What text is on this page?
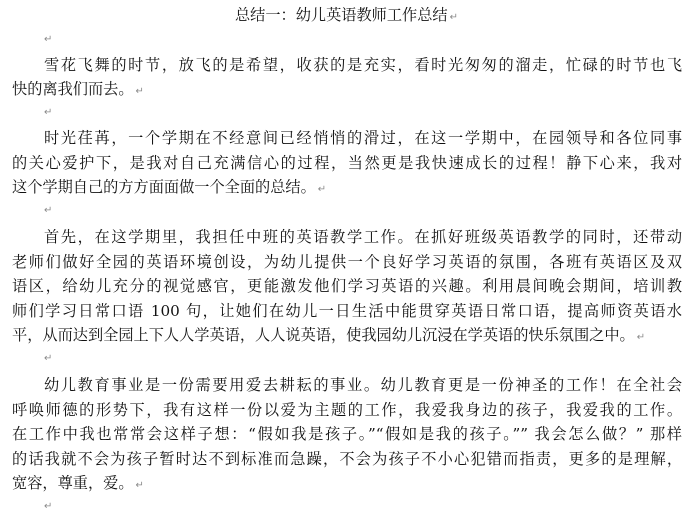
总结一：幼儿英语教师工作总结 ↵
↵
雪花飞舞的时节，放飞的是希望，收获的是充实，看时光匆匆的溜走，忙碌的时节也飞
快的离我们而去。 ↵
↵
时光荏苒，一个学期在不经意间已经悄悄的滑过，在这一学期中，在园领导和各位同事
的关心爱护下，是我对自己充满信心的过程，当然更是我快速成长的过程！静下心来，我对
这个学期自己的方方面面做一个全面的总结。 ↵
↵
首先，在这学期里，我担任中班的英语教学工作。在抓好班级英语教学的同时，还带动
老师们做好全园的英语环境创设，为幼儿提供一个良好学习英语的氛围，各班有英语区及双
语区，给幼儿充分的视觉感官，更能激发他们学习英语的兴趣。利用晨间晚会期间，培训教
师们学习日常口语 100 句，让她们在幼儿一日生活中能贯穿英语日常口语，提高师资英语水
平，从而达到全园上下人人学英语，人人说英语，使我园幼儿沉浸在学英语的快乐氛围之中。 ↵
↵
幼儿教育事业是一份需要用爱去耕耘的事业。幼儿教育更是一份神圣的工作！在全社会
呼唤师德的形势下，我有这样一份以爱为主题的工作，我爱我身边的孩子，我爱我的工作。
在工作中我也常常会这样子想：“假如我是孩子。”“假如是我的孩子。”” 我会怎么做？” 那样
的话我就不会为孩子暂时达不到标准而急躁，不会为孩子不小心犯错而指责，更多的是理解，
宽容，尊重，爱。 ↵
↵
